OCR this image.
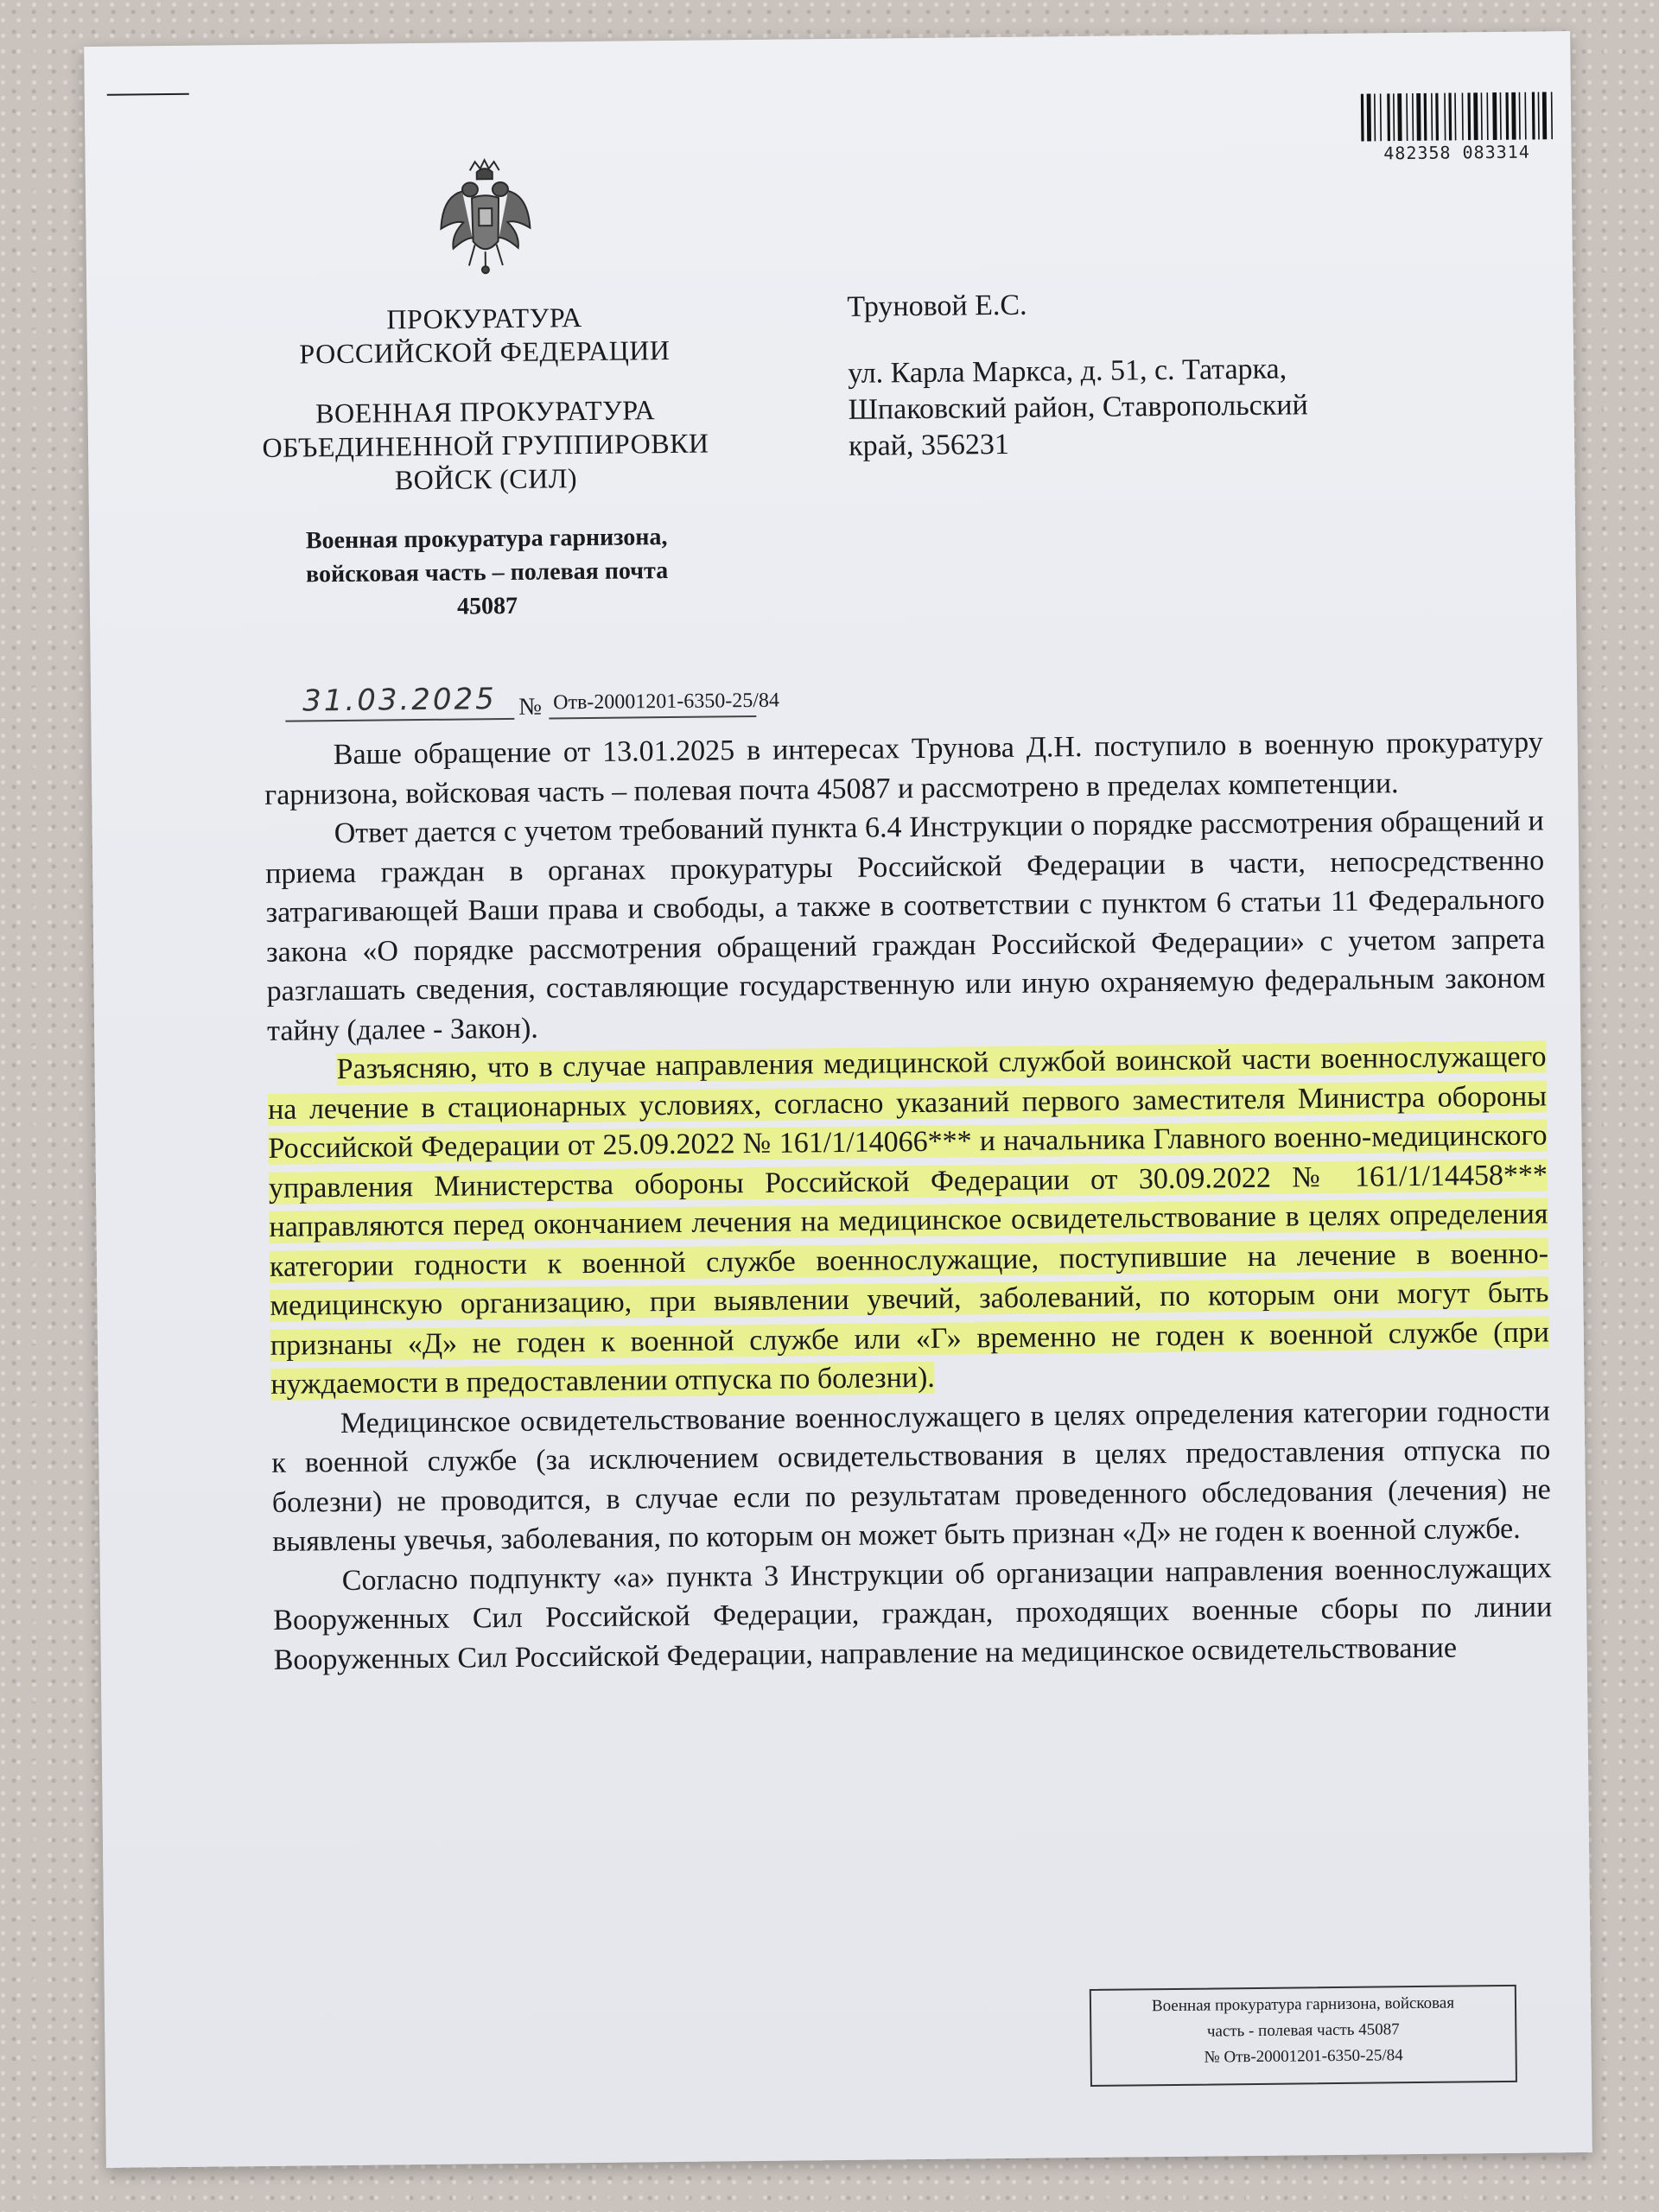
482358 083314
ПРОКУРАТУРА
РОССИЙСКОЙ ФЕДЕРАЦИИ
ВОЕННАЯ ПРОКУРАТУРА
ОБЪЕДИНЕННОЙ ГРУППИРОВКИ
ВОЙСК (СИЛ)
Военная прокуратура гарнизона,
войсковая часть – полевая почта
45087
31.03.2025 № Отв-20001201-6350-25/84
Труновой Е.С.
ул. Карла Маркса, д. 51, с. Татарка,
Шпаковский район, Ставропольский
край, 356231

Ваше обращение от 13.01.2025 в интересах Трунова Д.Н. поступило в военную прокуратуру гарнизона, войсковая часть – полевая почта 45087 и рассмотрено в пределах компетенции.

Ответ дается с учетом требований пункта 6.4 Инструкции о порядке рассмотрения обращений и приема граждан в органах прокуратуры Российской Федерации в части, непосредственно затрагивающей Ваши права и свободы, а также в соответствии с пунктом 6 статьи 11 Федерального закона «О порядке рассмотрения обращений граждан Российской Федерации» с учетом запрета разглашать сведения, составляющие государственную или иную охраняемую федеральным законом тайну (далее - Закон).

Разъясняю, что в случае направления медицинской службой воинской части военнослужащего на лечение в стационарных условиях, согласно указаний первого заместителя Министра обороны Российской Федерации от 25.09.2022 № 161/1/14066*** и начальника Главного военно-медицинского управления Министерства обороны Российской Федерации от 30.09.2022 № 161/1/14458*** направляются перед окончанием лечения на медицинское освидетельствование в целях определения категории годности к военной службе военнослужащие, поступившие на лечение в военно-медицинскую организацию, при выявлении увечий, заболеваний, по которым они могут быть признаны «Д» не годен к военной службе или «Г» временно не годен к военной службе (при нуждаемости в предоставлении отпуска по болезни).

Медицинское освидетельствование военнослужащего в целях определения категории годности к военной службе (за исключением освидетельствования в целях предоставления отпуска по болезни) не проводится, в случае если по результатам проведенного обследования (лечения) не выявлены увечья, заболевания, по которым он может быть признан «Д» не годен к военной службе.

Согласно подпункту «а» пункта 3 Инструкции об организации направления военнослужащих Вооруженных Сил Российской Федерации, граждан, проходящих военные сборы по линии Вооруженных Сил Российской Федерации, направление на медицинское освидетельствование

Военная прокуратура гарнизона, войсковая
часть - полевая часть 45087
№ Отв-20001201-6350-25/84
